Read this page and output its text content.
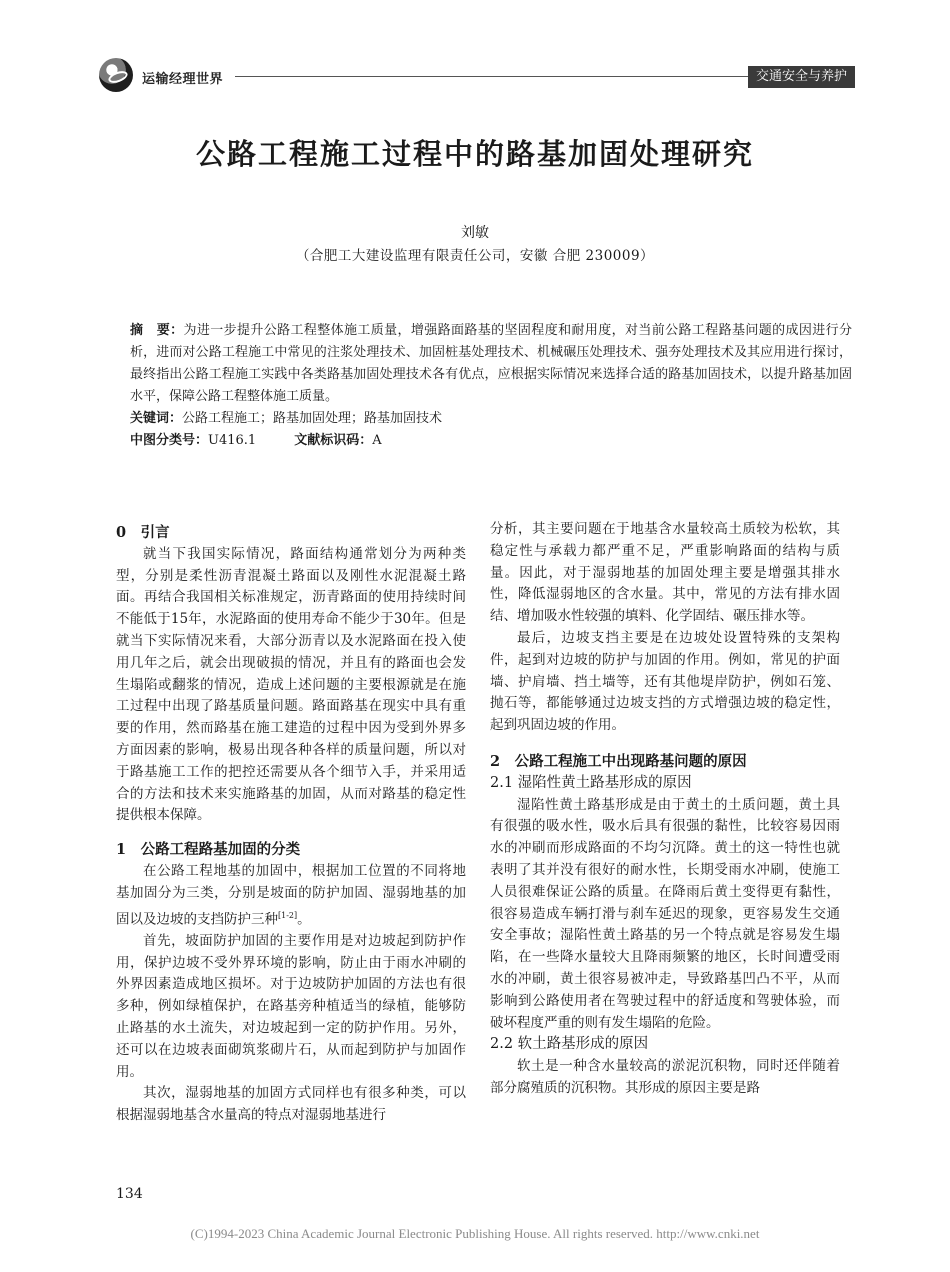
运输经理世界	交通安全与养护
公路工程施工过程中的路基加固处理研究
刘敏
（合肥工大建设监理有限责任公司，安徽 合肥 230009）

摘　要：为进一步提升公路工程整体施工质量，增强路面路基的坚固程度和耐用度，对当前公路工程路基问题的成因进行分析，进而对公路工程施工中常见的注浆处理技术、加固桩基处理技术、机械碾压处理技术、强夯处理技术及其应用进行探讨，最终指出公路工程施工实践中各类路基加固处理技术各有优点，应根据实际情况来选择合适的路基加固技术，以提升路基加固水平，保障公路工程整体施工质量。

关键词：公路工程施工；路基加固处理；路基加固技术

中图分类号：U416.1	文献标识码：A

0　引言

就当下我国实际情况，路面结构通常划分为两种类型，分别是柔性沥青混凝土路面以及刚性水泥混凝土路面。再结合我国相关标准规定，沥青路面的使用持续时间不能低于15年，水泥路面的使用寿命不能少于30年。但是就当下实际情况来看，大部分沥青以及水泥路面在投入使用几年之后，就会出现破损的情况，并且有的路面也会发生塌陷或翻浆的情况，造成上述问题的主要根源就是在施工过程中出现了路基质量问题。路面路基在现实中具有重要的作用，然而路基在施工建造的过程中因为受到外界多方面因素的影响，极易出现各种各样的质量问题，所以对于路基施工工作的把控还需要从各个细节入手，并采用适合的方法和技术来实施路基的加固，从而对路基的稳定性提供根本保障。

1　公路工程路基加固的分类

在公路工程地基的加固中，根据加工位置的不同将地基加固分为三类，分别是坡面的防护加固、湿弱地基的加固以及边坡的支挡防护三种[1-2]。

首先，坡面防护加固的主要作用是对边坡起到防护作用，保护边坡不受外界环境的影响，防止由于雨水冲刷的外界因素造成地区损坏。对于边坡防护加固的方法也有很多种，例如绿植保护，在路基旁种植适当的绿植，能够防止路基的水土流失，对边坡起到一定的防护作用。另外，还可以在边坡表面砌筑浆砌片石，从而起到防护与加固作用。

其次，湿弱地基的加固方式同样也有很多种类，可以根据湿弱地基含水量高的特点对湿弱地基进行

分析，其主要问题在于地基含水量较高土质较为松软，其稳定性与承载力都严重不足，严重影响路面的结构与质量。因此，对于湿弱地基的加固处理主要是增强其排水性，降低湿弱地区的含水量。其中，常见的方法有排水固结、增加吸水性较强的填料、化学固结、碾压排水等。

最后，边坡支挡主要是在边坡处设置特殊的支架构件，起到对边坡的防护与加固的作用。例如，常见的护面墙、护肩墙、挡土墙等，还有其他堤岸防护，例如石笼、抛石等，都能够通过边坡支挡的方式增强边坡的稳定性，起到巩固边坡的作用。

2　公路工程施工中出现路基问题的原因

2.1 湿陷性黄土路基形成的原因

湿陷性黄土路基形成是由于黄土的土质问题，黄土具有很强的吸水性，吸水后具有很强的黏性，比较容易因雨水的冲刷而形成路面的不均匀沉降。黄土的这一特性也就表明了其并没有很好的耐水性，长期受雨水冲刷，使施工人员很难保证公路的质量。在降雨后黄土变得更有黏性，很容易造成车辆打滑与刹车延迟的现象，更容易发生交通安全事故；湿陷性黄土路基的另一个特点就是容易发生塌陷，在一些降水量较大且降雨频繁的地区，长时间遭受雨水的冲刷，黄土很容易被冲走，导致路基凹凸不平，从而影响到公路使用者在驾驶过程中的舒适度和驾驶体验，而破坏程度严重的则有发生塌陷的危险。

2.2 软土路基形成的原因

软土是一种含水量较高的淤泥沉积物，同时还伴随着部分腐殖质的沉积物。其形成的原因主要是路

134
(C)1994-2023 China Academic Journal Electronic Publishing House. All rights reserved. http://www.cnki.net
